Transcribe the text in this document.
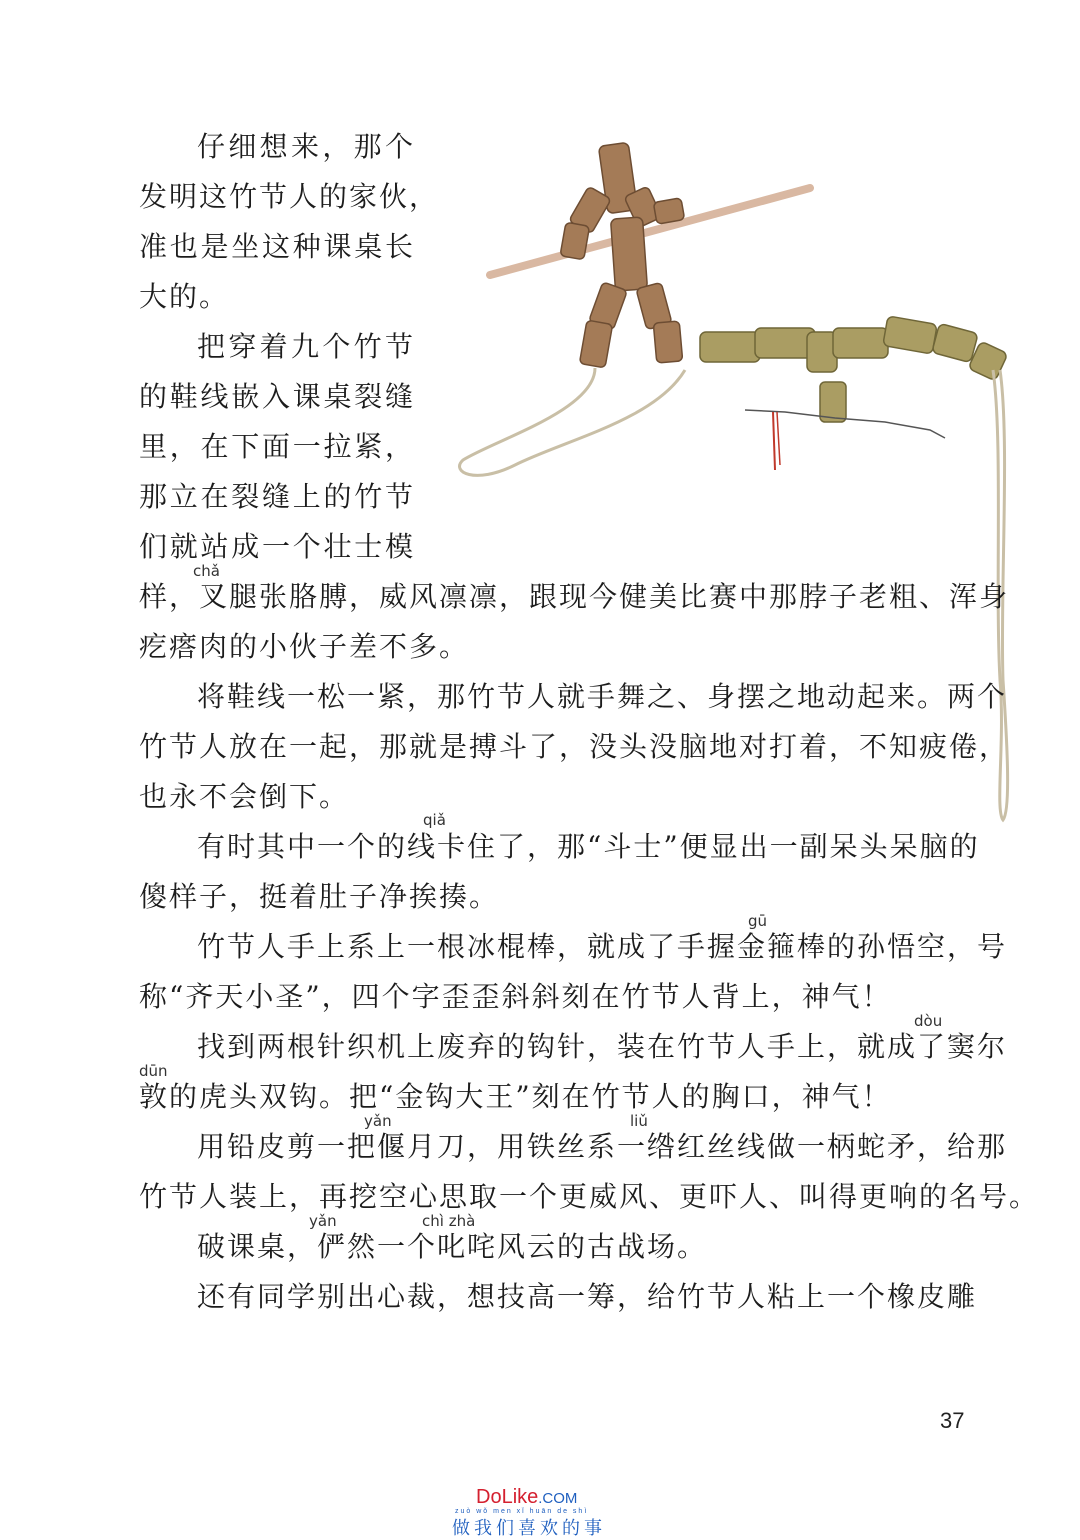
仔细想来，那个
发明这竹节人的家伙，
准也是坐这种课桌长
大的。
把穿着九个竹节
的鞋线嵌入课桌裂缝
里，在下面一拉紧，
那立在裂缝上的竹节
们就站成一个壮士模
chǎ
样，叉腿张胳膊，威风凛凛，跟现今健美比赛中那脖子老粗、浑身
疙瘩肉的小伙子差不多。
将鞋线一松一紧，那竹节人就手舞之、身摆之地动起来。两个
竹节人放在一起，那就是搏斗了，没头没脑地对打着，不知疲倦，
也永不会倒下。
qiǎ
有时其中一个的线卡住了，那“斗士”便显出一副呆头呆脑的
傻样子，挺着肚子净挨揍。
gū
竹节人手上系上一根冰棍棒，就成了手握金箍棒的孙悟空，号
称“齐天小圣”，四个字歪歪斜斜刻在竹节人背上，神气！
dòu
找到两根针织机上废弃的钩针，装在竹节人手上，就成了窦尔
dūn
敦的虎头双钩。把“金钩大王”刻在竹节人的胸口，神气！
yǎn	liǔ
用铅皮剪一把偃月刀，用铁丝系一绺红丝线做一柄蛇矛，给那
竹节人装上，再挖空心思取一个更威风、更吓人、叫得更响的名号。
yǎn	chì zhà
破课桌，俨然一个叱咤风云的古战场。
还有同学别出心裁，想技高一筹，给竹节人粘上一个橡皮雕
37
DoLike.COM
zuò wǒ men xǐ huān de shì
做我们喜欢的事
